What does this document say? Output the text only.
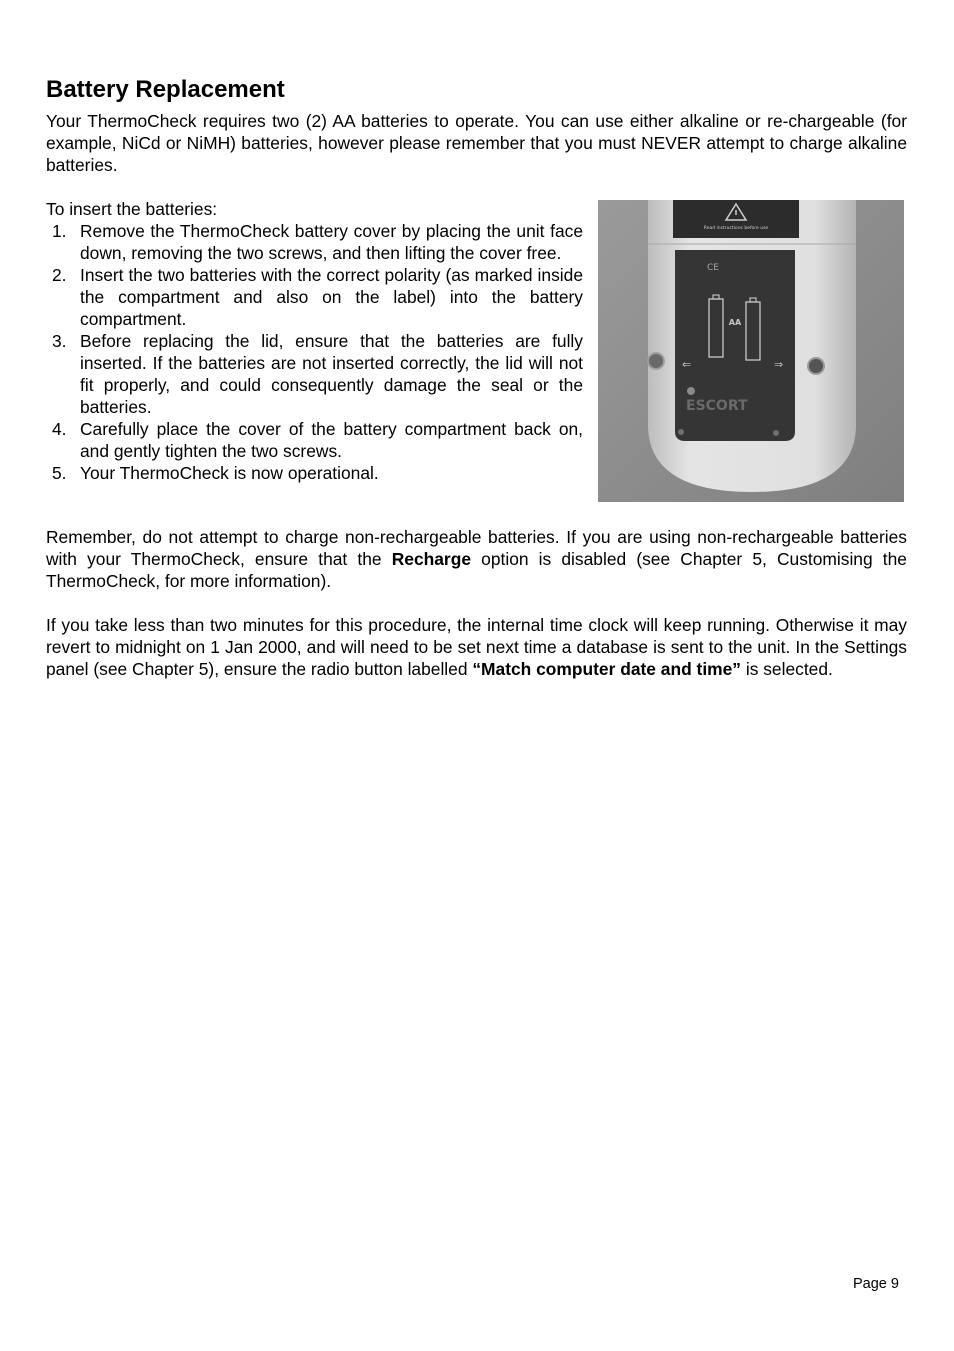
Battery Replacement

Your ThermoCheck requires two (2) AA batteries to operate. You can use either alkaline or re-chargeable (for example, NiCd or NiMH) batteries, however please remember that you must NEVER attempt to charge alkaline batteries.

To insert the batteries:
1. Remove the ThermoCheck battery cover by placing the unit face down, removing the two screws, and then lifting the cover free.
2. Insert the two batteries with the correct polarity (as marked inside the compartment and also on the label) into the battery compartment.
3. Before replacing the lid, ensure that the batteries are fully inserted. If the batteries are not inserted correctly, the lid will not fit properly, and could consequently damage the seal or the batteries.
4. Carefully place the cover of the battery compartment back on, and gently tighten the two screws.
5. Your ThermoCheck is now operational.
Read instructions before use
CE
AA
⇐	⇒
ESCORT

Remember, do not attempt to charge non-rechargeable batteries. If you are using non-rechargeable batteries with your ThermoCheck, ensure that the Recharge option is disabled (see Chapter 5, Customising the ThermoCheck, for more information).

If you take less than two minutes for this procedure, the internal time clock will keep running. Otherwise it may revert to midnight on 1 Jan 2000, and will need to be set next time a database is sent to the unit. In the Settings panel (see Chapter 5), ensure the radio button labelled “Match computer date and time” is selected.

Page 9
